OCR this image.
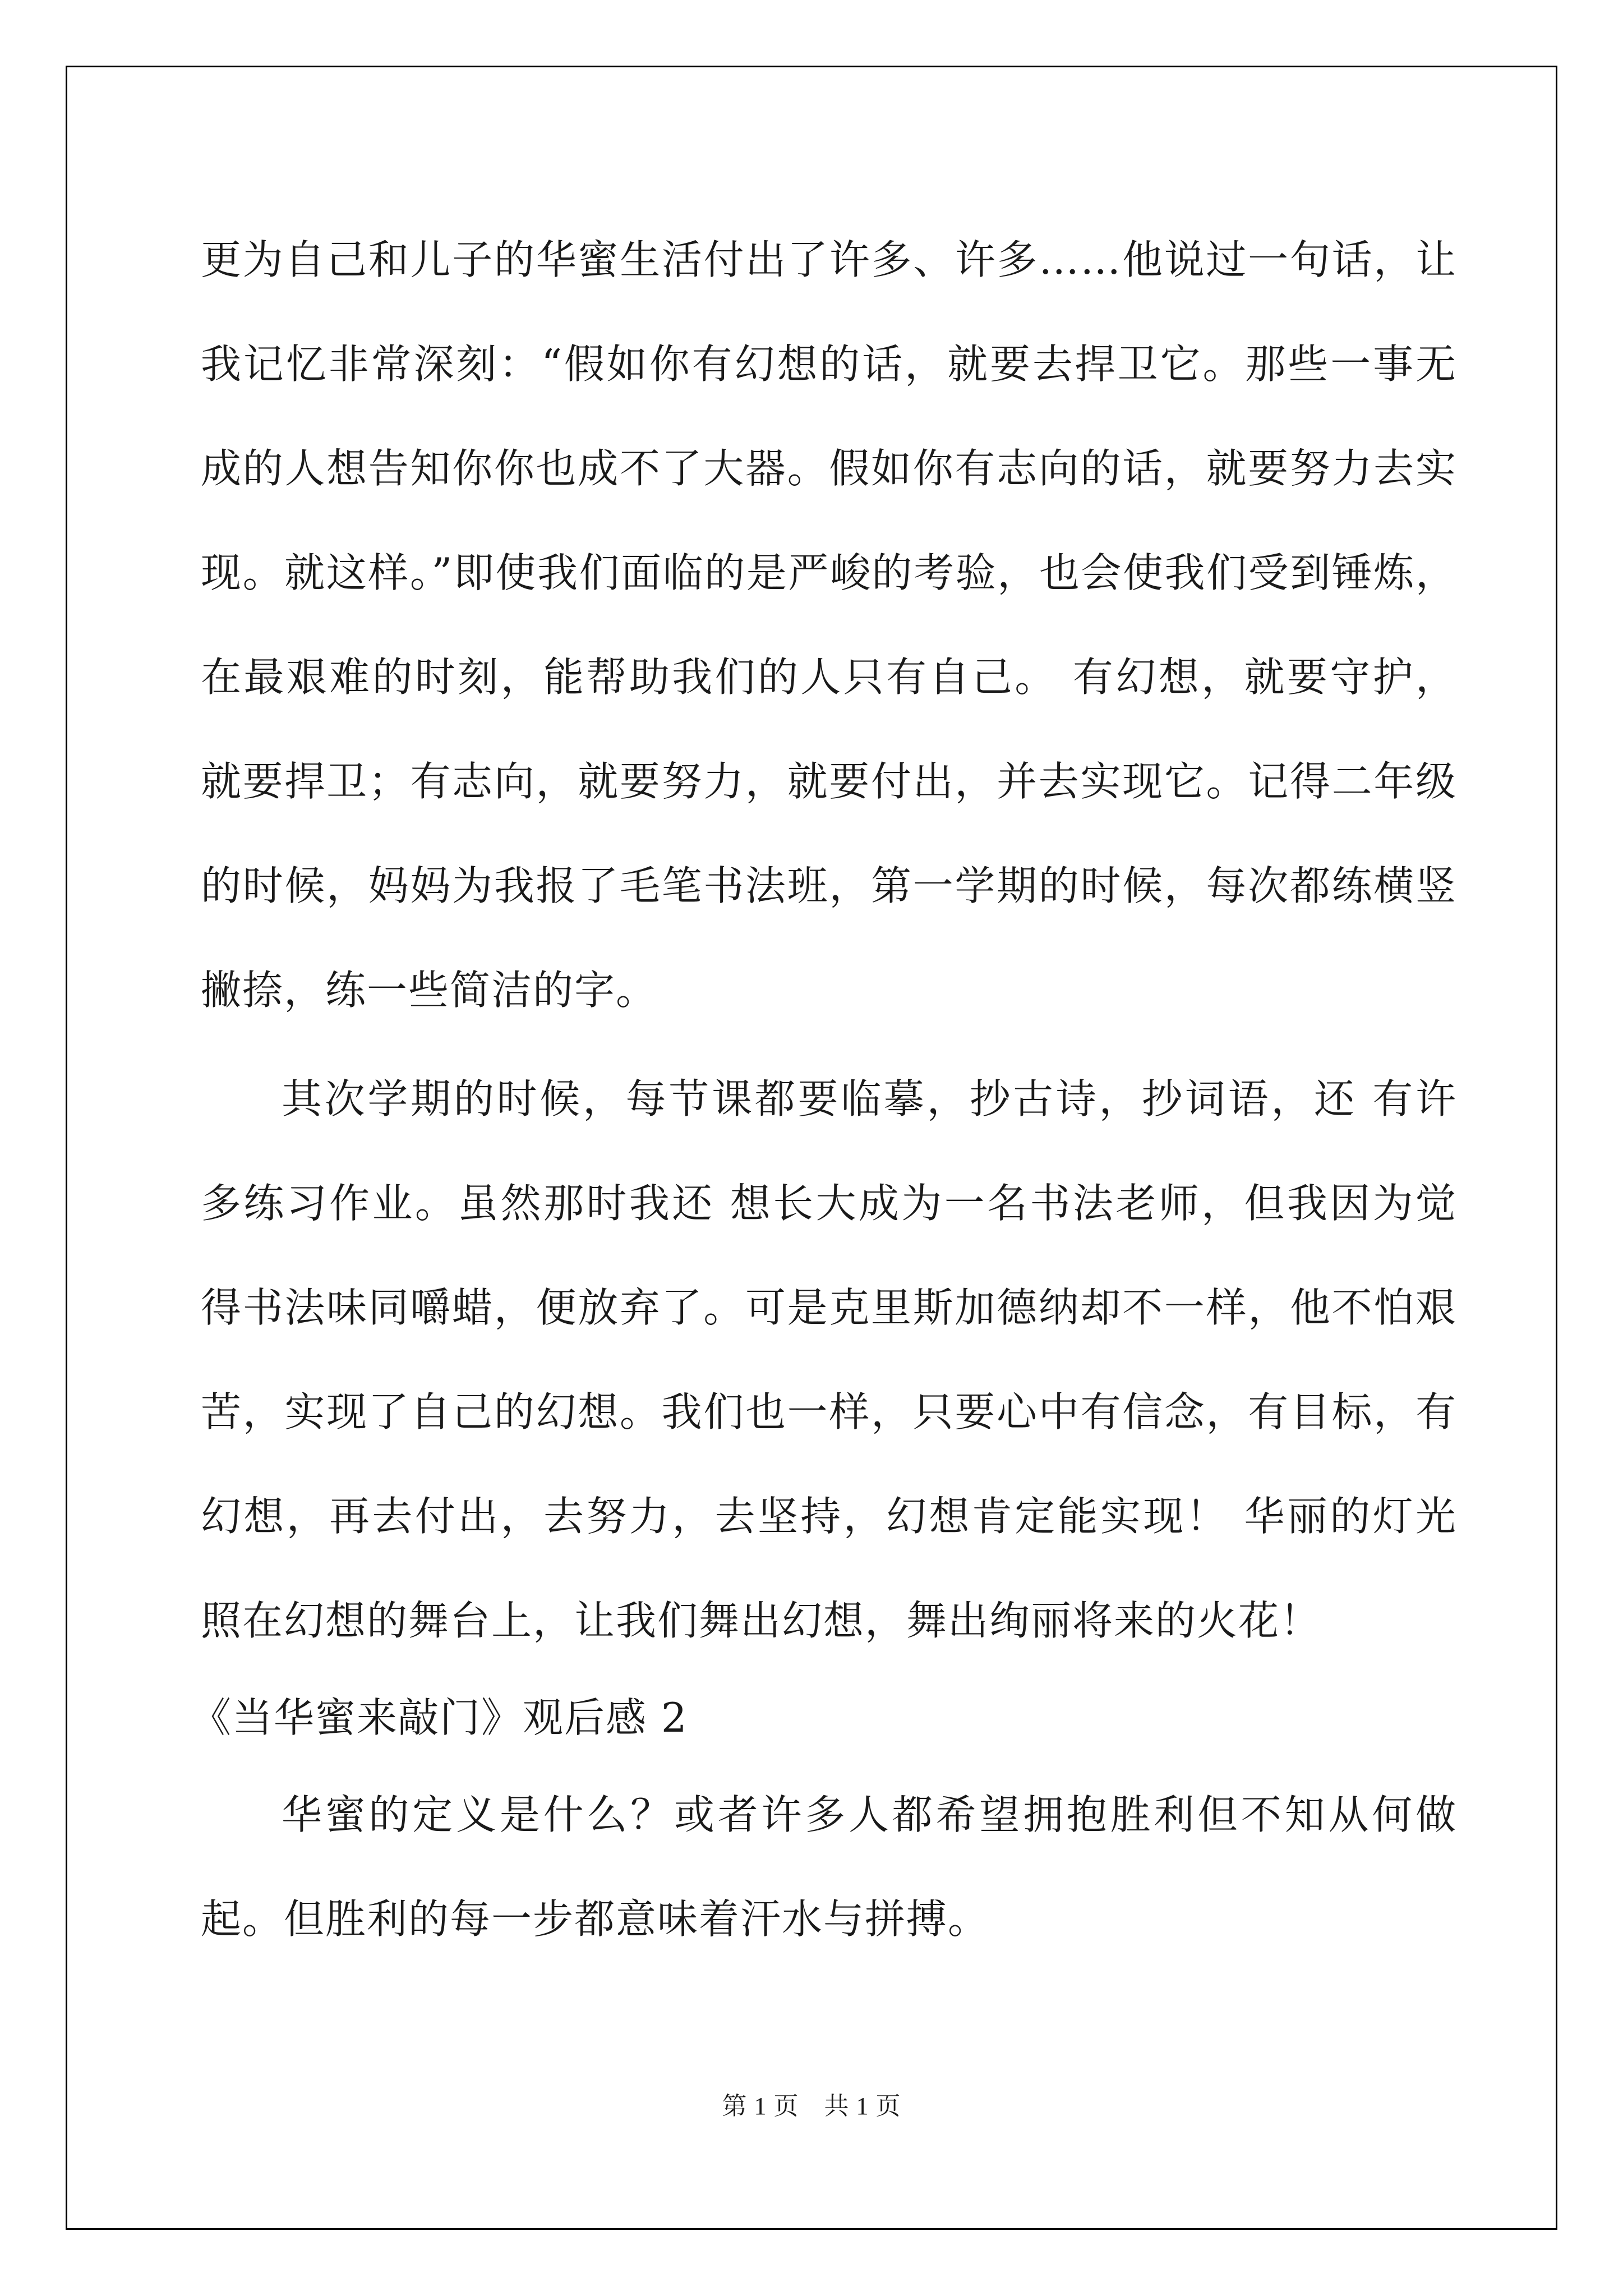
更为自己和儿子的华蜜生活付出了许多、许多……他说过一句话，让我记忆非常深刻：“假如你有幻想的话，就要去捍卫它。那些一事无成的人想告知你你也成不了大器。假如你有志向的话，就要努力去实现。就这样。”即使我们面临的是严峻的考验，也会使我们受到锤炼，在最艰难的时刻，能帮助我们的人只有自己。 有幻想，就要守护，就要捍卫；有志向，就要努力，就要付出，并去实现它。记得二年级的时候，妈妈为我报了毛笔书法班，第一学期的时候，每次都练横竖撇捺，练一些简洁的字。

其次学期的时候，每节课都要临摹，抄古诗，抄词语，还 有许多练习作业。虽然那时我还 想长大成为一名书法老师，但我因为觉得书法味同嚼蜡，便放弃了。可是克里斯加德纳却不一样，他不怕艰苦，实现了自己的幻想。我们也一样，只要心中有信念，有目标，有幻想，再去付出，去努力，去坚持，幻想肯定能实现！ 华丽的灯光照在幻想的舞台上，让我们舞出幻想，舞出绚丽将来的火花！

《当华蜜来敲门》观后感 2

华蜜的定义是什么？或者许多人都希望拥抱胜利但不知从何做起。但胜利的每一步都意味着汗水与拼搏。

第 1 页　共 1 页
